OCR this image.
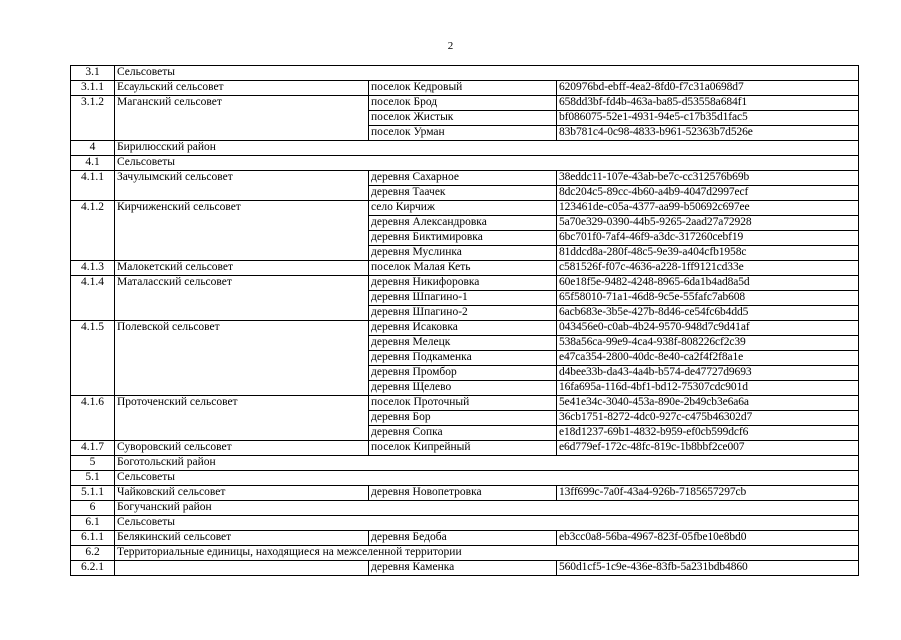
2
3.1	Сельсоветы		
3.1.1	Есаульский сельсовет	поселок Кедровый	620976bd-ebff-4ea2-8fd0-f7c31a0698d7
3.1.2	Маганский сельсовет	поселок Брод	658dd3bf-fd4b-463a-ba85-d53558a684f1
		поселок Жистык	bf086075-52e1-4931-94e5-c17b35d1fac5
		поселок Урман	83b781c4-0c98-4833-b961-52363b7d526e
4	Бирилюсский район		
4.1	Сельсоветы		
4.1.1	Зачулымский сельсовет	деревня Сахарное	38eddc11-107e-43ab-be7c-cc312576b69b
		деревня Таачек	8dc204c5-89cc-4b60-a4b9-4047d2997ecf
4.1.2	Кирчиженский сельсовет	село Кирчиж	123461de-c05a-4377-aa99-b50692c697ee
		деревня Александровка	5a70e329-0390-44b5-9265-2aad27a72928
		деревня Биктимировка	6bc701f0-7af4-46f9-a3dc-317260cebf19
		деревня Муслинка	81ddcd8a-280f-48c5-9e39-a404cfb1958c
4.1.3	Малокетский сельсовет	поселок Малая Кеть	c581526f-f07c-4636-a228-1ff9121cd33e
4.1.4	Маталасский сельсовет	деревня Никифоровка	60e18f5e-9482-4248-8965-6da1b4ad8a5d
		деревня Шпагино-1	65f58010-71a1-46d8-9c5e-55fafc7ab608
		деревня Шпагино-2	6acb683e-3b5e-427b-8d46-ce54fc6b4dd5
4.1.5	Полевской сельсовет	деревня Исаковка	043456e0-c0ab-4b24-9570-948d7c9d41af
		деревня Мелецк	538a56ca-99e9-4ca4-938f-808226cf2c39
		деревня Подкаменка	e47ca354-2800-40dc-8e40-ca2f4f2f8a1e
		деревня Промбор	d4bee33b-da43-4a4b-b574-de47727d9693
		деревня Щелево	16fa695a-116d-4bf1-bd12-75307cdc901d
4.1.6	Проточенский сельсовет	поселок Проточный	5e41e34c-3040-453a-890e-2b49cb3e6a6a
		деревня Бор	36cb1751-8272-4dc0-927c-c475b46302d7
		деревня Сопка	e18d1237-69b1-4832-b959-ef0cb599dcf6
4.1.7	Суворовский сельсовет	поселок Кипрейный	e6d779ef-172c-48fc-819c-1b8bbf2ce007
5	Боготольский район		
5.1	Сельсоветы		
5.1.1	Чайковский сельсовет	деревня Новопетровка	13ff699c-7a0f-43a4-926b-7185657297cb
6	Богучанский район		
6.1	Сельсоветы		
6.1.1	Белякинский сельсовет	деревня Бедоба	eb3cc0a8-56ba-4967-823f-05fbe10e8bd0
6.2	Территориальные единицы, находящиеся на межселенной территории		
6.2.1		деревня Каменка	560d1cf5-1c9e-436e-83fb-5a231bdb4860
